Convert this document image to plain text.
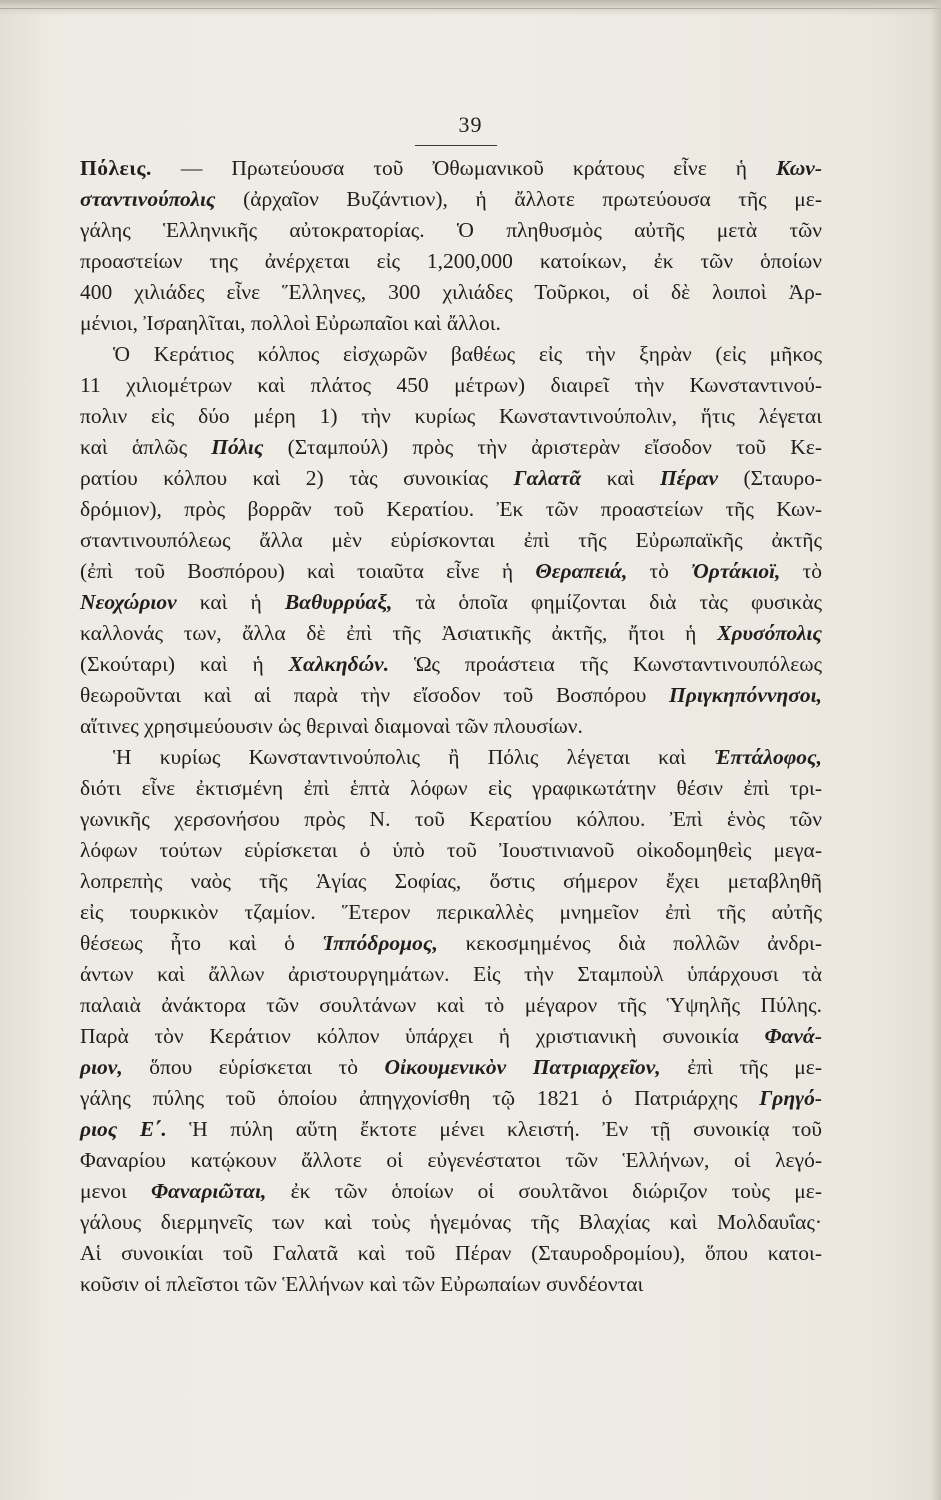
39
Πόλεις. — Πρωτεύουσα τοῦ Ὀθωμανικοῦ κράτους εἶνε ἡ Κων-
σταντινούπολις (ἀρχαῖον Βυζάντιον), ἡ ἄλλοτε πρωτεύουσα τῆς με-
γάλης Ἑλληνικῆς αὐτοκρατορίας. Ὁ πληθυσμὸς αὐτῆς μετὰ τῶν
προαστείων της ἀνέρχεται εἰς 1,200,000 κατοίκων, ἐκ τῶν ὁποίων
400 χιλιάδες εἶνε Ἕλληνες, 300 χιλιάδες Τοῦρκοι, οἱ δὲ λοιποὶ Ἀρ-
μένιοι, Ἰσραηλῖται, πολλοὶ Εὐρωπαῖοι καὶ ἄλλοι.
Ὁ Κεράτιος κόλπος εἰσχωρῶν βαθέως εἰς τὴν ξηρὰν (εἰς μῆκος
11 χιλιομέτρων καὶ πλάτος 450 μέτρων) διαιρεῖ τὴν Κωνσταντινού-
πολιν εἰς δύο μέρη 1) τὴν κυρίως Κωνσταντινούπολιν, ἥτις λέγεται
καὶ ἁπλῶς Πόλις (Σταμπούλ) πρὸς τὴν ἀριστερὰν εἴσοδον τοῦ Κε-
ρατίου κόλπου καὶ 2) τὰς συνοικίας Γαλατᾶ καὶ Πέραν (Σταυρο-
δρόμιον), πρὸς βορρᾶν τοῦ Κερατίου. Ἐκ τῶν προαστείων τῆς Κων-
σταντινουπόλεως ἄλλα μὲν εὑρίσκονται ἐπὶ τῆς Εὐρωπαϊκῆς ἀκτῆς
(ἐπὶ τοῦ Βοσπόρου) καὶ τοιαῦτα εἶνε ἡ Θεραπειά, τὸ Ὀρτάκιοϊ, τὸ
Νεοχώριον καὶ ἡ Βαθυρρύαξ, τὰ ὁποῖα φημίζονται διὰ τὰς φυσικὰς
καλλονάς των, ἄλλα δὲ ἐπὶ τῆς Ἀσιατικῆς ἀκτῆς, ἤτοι ἡ Χρυσόπολις
(Σκούταρι) καὶ ἡ Χαλκηδών. Ὡς προάστεια τῆς Κωνσταντινουπόλεως
θεωροῦνται καὶ αἱ παρὰ τὴν εἴσοδον τοῦ Βοσπόρου Πριγκηπόννησοι,
αἵτινες χρησιμεύουσιν ὡς θεριναὶ διαμοναὶ τῶν πλουσίων.
Ἡ κυρίως Κωνσταντινούπολις ἢ Πόλις λέγεται καὶ Ἑπτάλοφος,
διότι εἶνε ἐκτισμένη ἐπὶ ἑπτὰ λόφων εἰς γραφικωτάτην θέσιν ἐπὶ τρι-
γωνικῆς χερσονήσου πρὸς Ν. τοῦ Κερατίου κόλπου. Ἐπὶ ἑνὸς τῶν
λόφων τούτων εὑρίσκεται ὁ ὑπὸ τοῦ Ἰουστινιανοῦ οἰκοδομηθεὶς μεγα-
λοπρεπὴς ναὸς τῆς Ἁγίας Σοφίας, ὅστις σήμερον ἔχει μεταβληθῆ
εἰς τουρκικὸν τζαμίον. Ἕτερον περικαλλὲς μνημεῖον ἐπὶ τῆς αὐτῆς
θέσεως ἦτο καὶ ὁ Ἱππόδρομος, κεκοσμημένος διὰ πολλῶν ἀνδρι-
άντων καὶ ἄλλων ἀριστουργημάτων. Εἰς τὴν Σταμποὺλ ὑπάρχουσι τὰ
παλαιὰ ἀνάκτορα τῶν σουλτάνων καὶ τὸ μέγαρον τῆς Ὑψηλῆς Πύλης.
Παρὰ τὸν Κεράτιον κόλπον ὑπάρχει ἡ χριστιανικὴ συνοικία Φανά-
ριον, ὅπου εὑρίσκεται τὸ Οἰκουμενικὸν Πατριαρχεῖον, ἐπὶ τῆς με-
γάλης πύλης τοῦ ὁποίου ἀπηγχονίσθη τῷ 1821 ὁ Πατριάρχης Γρηγό-
ριος Ε΄. Ἡ πύλη αὕτη ἔκτοτε μένει κλειστή. Ἐν τῇ συνοικίᾳ τοῦ
Φαναρίου κατῴκουν ἄλλοτε οἱ εὐγενέστατοι τῶν Ἑλλήνων, οἱ λεγό-
μενοι Φαναριῶται, ἐκ τῶν ὁποίων οἱ σουλτᾶνοι διώριζον τοὺς με-
γάλους διερμηνεῖς των καὶ τοὺς ἡγεμόνας τῆς Βλαχίας καὶ Μολδαυΐας·
Αἱ συνοικίαι τοῦ Γαλατᾶ καὶ τοῦ Πέραν (Σταυροδρομίου), ὅπου κατοι-
κοῦσιν οἱ πλεῖστοι τῶν Ἑλλήνων καὶ τῶν Εὐρωπαίων συνδέονται
